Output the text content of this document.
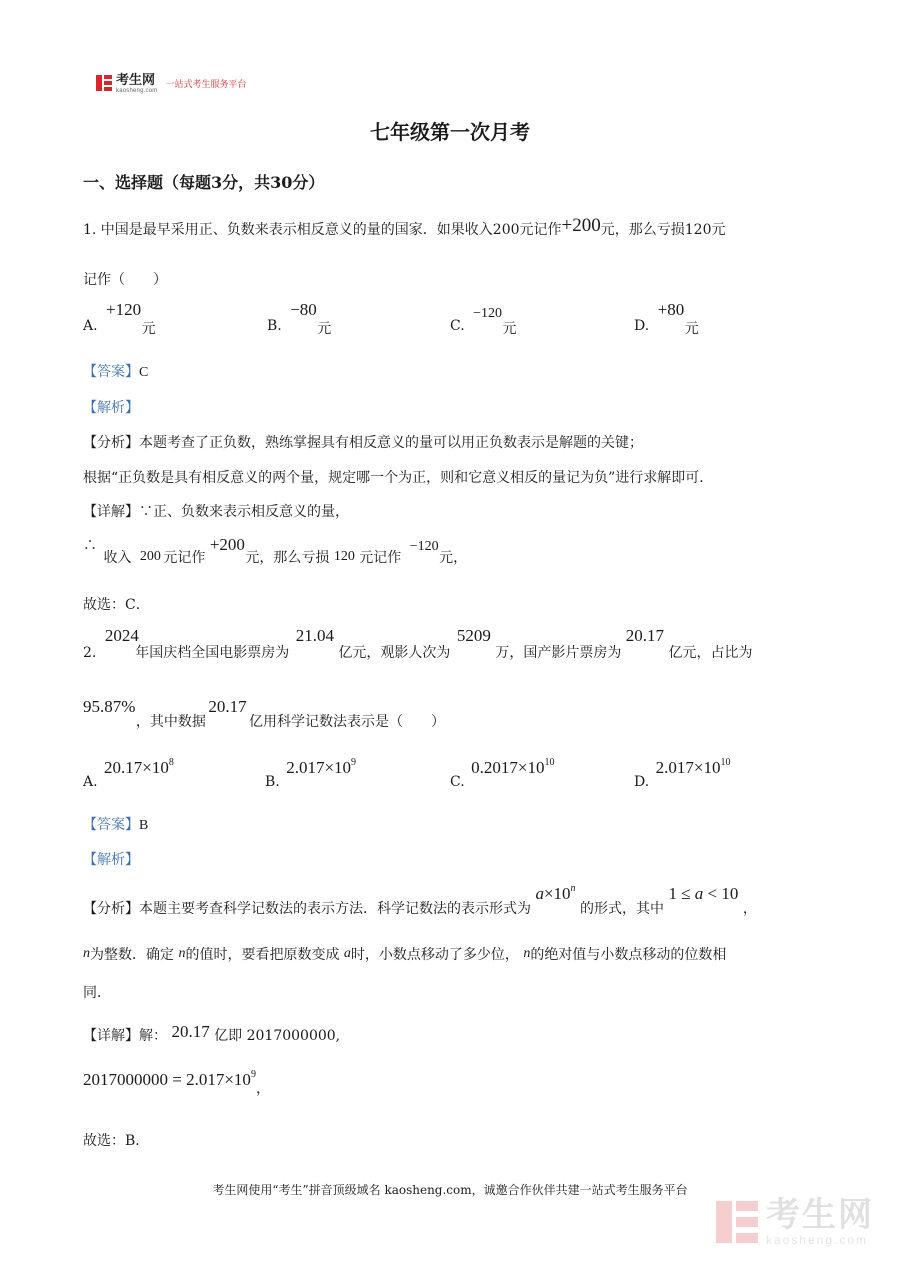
考生网
kaosheng.com
一站式考生服务平台
七年级第一次月考
一、选择题（每题3分，共30分）
1. 中国是最早采用正、负数来表示相反意义的量的国家．如果收入200元记作+200元，那么亏损120元
记作（　　）
A. +120 元	B. −80 元	C. −120 元	D. +80 元
【答案】C
【解析】
【分析】本题考查了正负数，熟练掌握具有相反意义的量可以用正负数表示是解题的关键；
根据“正负数是具有相反意义的两个量，规定哪一个为正，则和它意义相反的量记为负”进行求解即可．
【详解】∵正、负数来表示相反意义的量，
∴ 收入 200 元记作 +200 元，那么亏损 120 元记作 −120 元，
故选：C．
2. 2024 年国庆档全国电影票房为 21.04 亿元，观影人次为 5209 万，国产影片票房为 20.17 亿元，占比为
95.87% ，其中数据 20.17 亿用科学记数法表示是（　　）
A. $20.17\times 10^8$
B. $2.017\times 10^9$
C. $0.2017\times 10^{10}$
D. $2.017\times 10^{10}$
【答案】B
【解析】
【分析】本题主要考查科学记数法的表示方法．科学记数法的表示形式为 $a\times 10^n$ 的形式，其中 1 ≤ a < 10 ，
n为整数．确定 n的值时，要看把原数变成 a时，小数点移动了多少位， n的绝对值与小数点移动的位数相
同．
【详解】解： 20.17 亿即 2017000000,
$2017000000 = 2.017\times 10^9$，
故选：B．
考生网使用“考生”拼音顶级域名 kaosheng.com，诚邀合作伙伴共建一站式考生服务平台
考生网
kaosheng.com
